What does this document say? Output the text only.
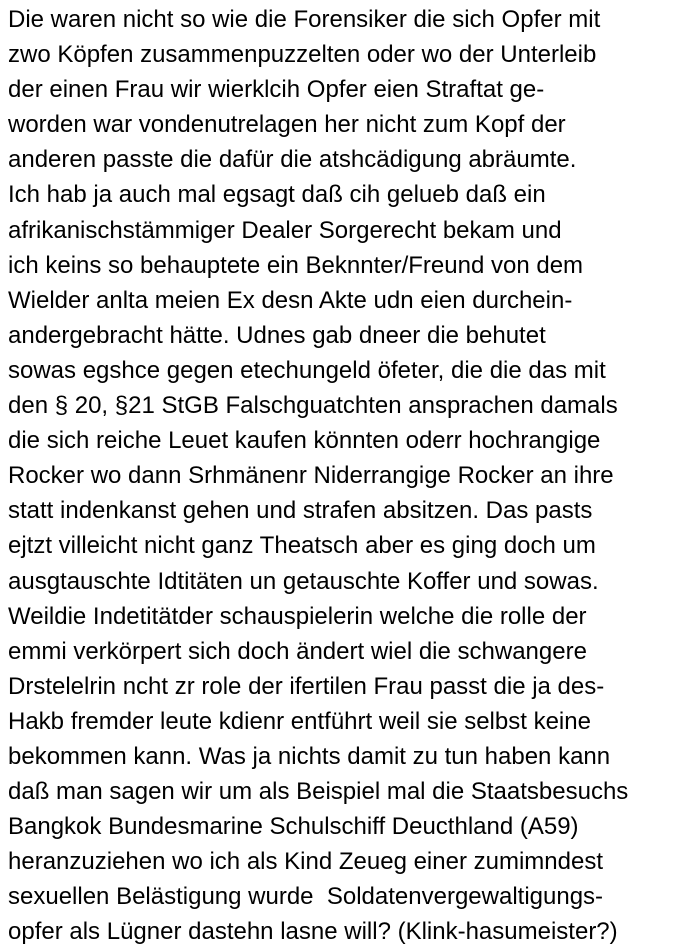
Die waren nicht so wie die Forensiker die sich Opfer mit
zwo Köpfen zusammenpuzzelten oder wo der Unterleib
der einen Frau wir wierklcih Opfer eien Straftat ge-
worden war vondenutrelagen her nicht zum Kopf der
anderen passte die dafür die atshcädigung abräumte.
Ich hab ja auch mal egsagt daß cih gelueb daß ein
afrikanischstämmiger Dealer Sorgerecht bekam und
ich keins so behauptete ein Beknnter/Freund von dem
Wielder anlta meien Ex desn Akte udn eien durchein-
andergebracht hätte. Udnes gab dneer die behutet
sowas egshce gegen etechungeld öfeter, die die das mit
den § 20, §21 StGB Falschguatchten ansprachen damals
die sich reiche Leuet kaufen könnten oderr hochrangige
Rocker wo dann Srhmänenr Niderrangige Rocker an ihre
statt indenkanst gehen und strafen absitzen. Das pasts
ejtzt villeicht nicht ganz Theatsch aber es ging doch um
ausgtauschte Idtitäten un getauschte Koffer und sowas.
Weildie Indetitätder schauspielerin welche die rolle der
emmi verkörpert sich doch ändert wiel die schwangere
Drstelelrin ncht zr role der ifertilen Frau passt die ja des-
Hakb fremder leute kdienr entführt weil sie selbst keine
bekommen kann. Was ja nichts damit zu tun haben kann
daß man sagen wir um als Beispiel mal die Staatsbesuchs
Bangkok Bundesmarine Schulschiff Deucthland (A59)
heranzuziehen wo ich als Kind Zeueg einer zumimndest
sexuellen Belästigung wurde  Soldatenvergewaltigungs-
opfer als Lügner dastehn lasne will? (Klink-hasumeister?)
